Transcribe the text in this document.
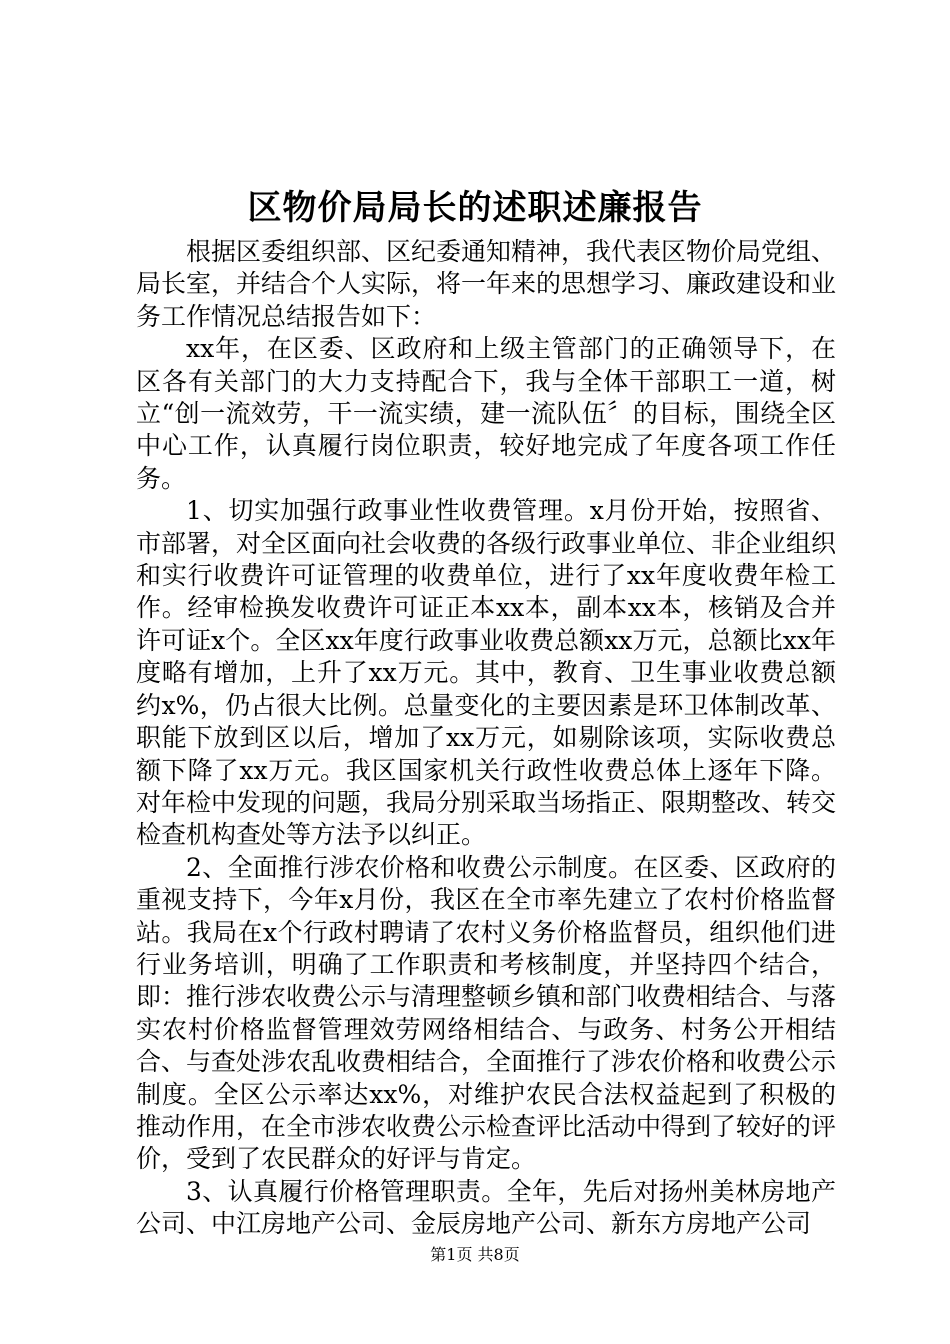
区物价局局长的述职述廉报告

根据区委组织部、区纪委通知精神，我代表区物价局党组、局长室，并结合个人实际，将一年来的思想学习、廉政建设和业务工作情况总结报告如下：

xx年，在区委、区政府和上级主管部门的正确领导下，在区各有关部门的大力支持配合下，我与全体干部职工一道，树立“创一流效劳，干一流实绩，建一流队伍〞的目标，围绕全区中心工作，认真履行岗位职责，较好地完成了年度各项工作任务。

1、切实加强行政事业性收费管理。x月份开始，按照省、市部署，对全区面向社会收费的各级行政事业单位、非企业组织和实行收费许可证管理的收费单位，进行了xx年度收费年检工作。经审检换发收费许可证正本xx本，副本xx本，核销及合并许可证x个。全区xx年度行政事业收费总额xx万元，总额比xx年度略有增加，上升了xx万元。其中，教育、卫生事业收费总额约x%，仍占很大比例。总量变化的主要因素是环卫体制改革、职能下放到区以后，增加了xx万元，如剔除该项，实际收费总额下降了xx万元。我区国家机关行政性收费总体上逐年下降。对年检中发现的问题，我局分别采取当场指正、限期整改、转交检查机构查处等方法予以纠正。

2、全面推行涉农价格和收费公示制度。在区委、区政府的重视支持下，今年x月份，我区在全市率先建立了农村价格监督站。我局在x个行政村聘请了农村义务价格监督员，组织他们进行业务培训，明确了工作职责和考核制度，并坚持四个结合，即：推行涉农收费公示与清理整顿乡镇和部门收费相结合、与落实农村价格监督管理效劳网络相结合、与政务、村务公开相结合、与查处涉农乱收费相结合，全面推行了涉农价格和收费公示制度。全区公示率达xx%，对维护农民合法权益起到了积极的推动作用，在全市涉农收费公示检查评比活动中得到了较好的评价，受到了农民群众的好评与肯定。

3、认真履行价格管理职责。全年，先后对扬州美林房地产公司、中江房地产公司、金辰房地产公司、新东方房地产公司

第1页 共8页
